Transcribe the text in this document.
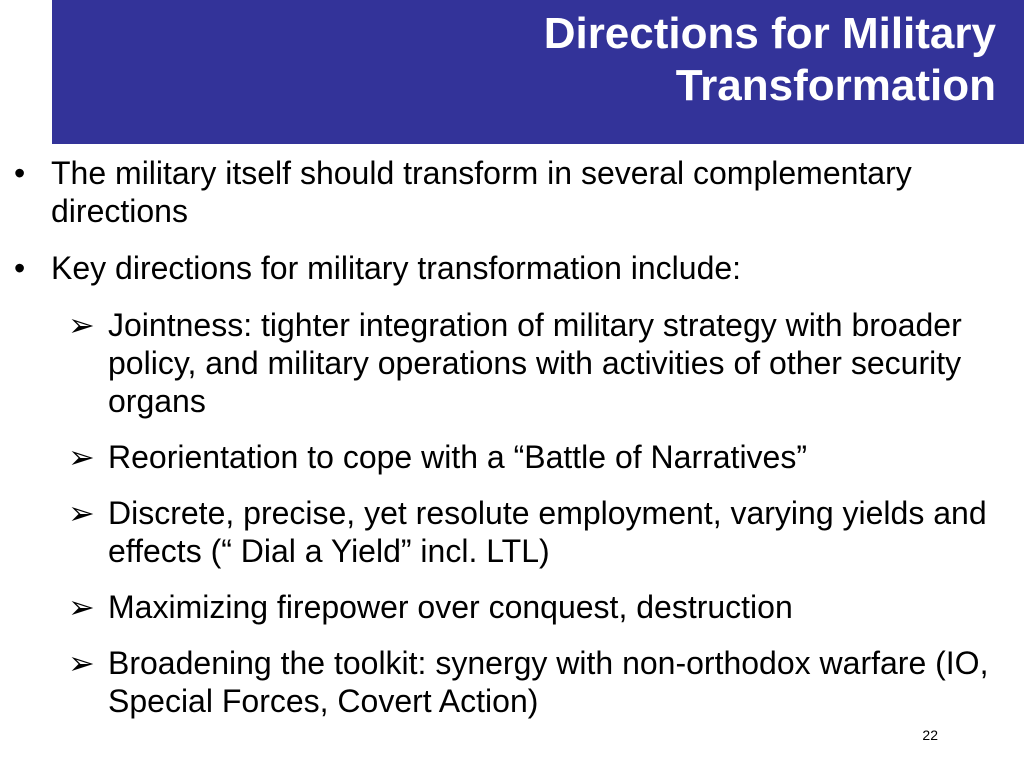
Directions for Military
Transformation
• The military itself should transform in several complementary directions
• Key directions for military transformation include:
➢ Jointness: tighter integration of military strategy with broader policy, and military operations with activities of other security organs
➢ Reorientation to cope with a “Battle of Narratives”
➢ Discrete, precise, yet resolute employment, varying yields and effects (“ Dial a Yield” incl. LTL)
➢ Maximizing firepower over conquest, destruction
➢ Broadening the toolkit: synergy with non-orthodox warfare (IO, Special Forces, Covert Action)
22
